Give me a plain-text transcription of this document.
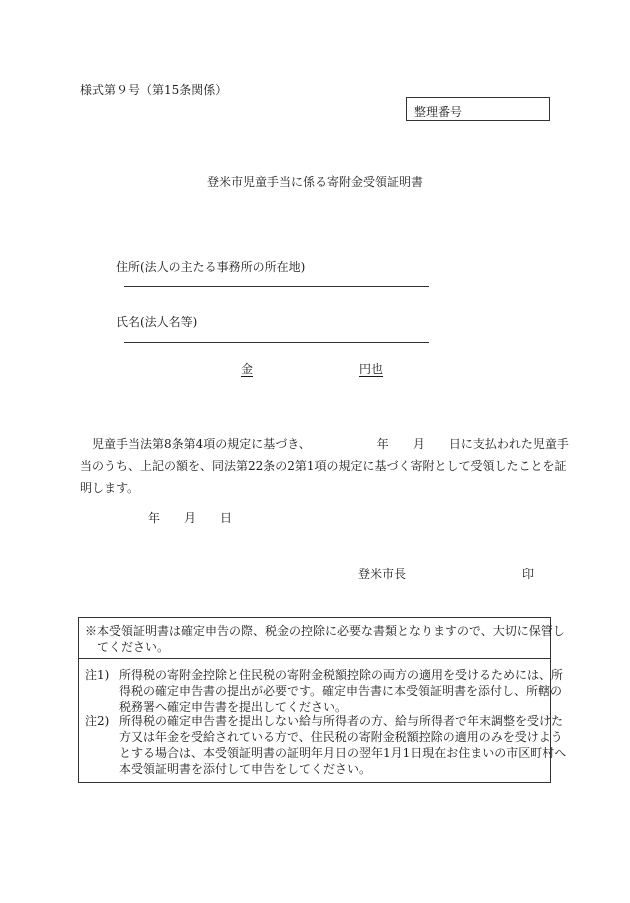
様式第９号（第15条関係）
整理番号
登米市児童手当に係る寄附金受領証明書
住所(法人の主たる事務所の所在地)
氏名(法人名等)
金	円也
児童手当法第8条第4項の規定に基づき、	年 月 日に支払われた児童手
当のうち、上記の額を、同法第22条の2第1項の規定に基づく寄附として受領したことを証
明します。
年 月 日
登米市長	印
※本受領証明書は確定申告の際、税金の控除に必要な書類となりますので、大切に保管し
てください。
注1) 所得税の寄附金控除と住民税の寄附金税額控除の両方の適用を受けるためには、所
得税の確定申告書の提出が必要です。確定申告書に本受領証明書を添付し、所轄の
税務署へ確定申告書を提出してください。
注2) 所得税の確定申告書を提出しない給与所得者の方、給与所得者で年末調整を受けた
方又は年金を受給されている方で、住民税の寄附金税額控除の適用のみを受けよう
とする場合は、本受領証明書の証明年月日の翌年1月1日現在お住まいの市区町村へ
本受領証明書を添付して申告をしてください。
